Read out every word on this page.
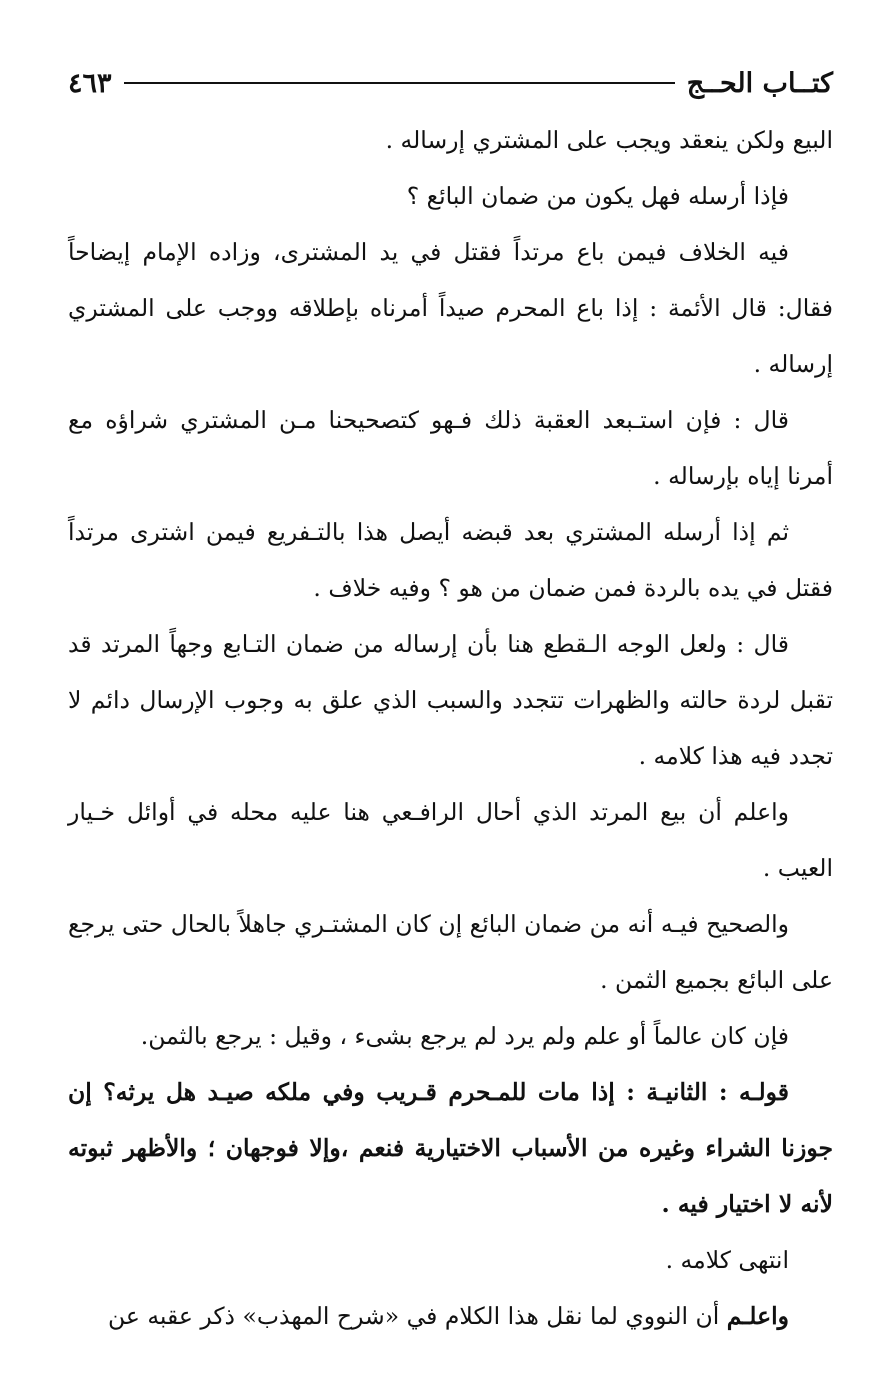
كتــاب الحــج
٤٦٣

البيع ولكن ينعقد ويجب على المشتري إرساله .

فإذا أرسله فهل يكون من ضمان البائع ؟

فيه الخلاف فيمن باع مرتداً فقتل في يد المشترى، وزاده الإمام إيضاحاً فقال: قال الأئمة : إذا باع المحرم صيداً أمرناه بإطلاقه ووجب على المشتري إرساله .

قال : فإن استـبعد العقبة ذلك فـهو كتصحيحنا مـن المشتري شراؤه مع أمرنا إياه بإرساله .

ثم إذا أرسله المشتري بعد قبضه أيصل هذا بالتـفريع فيمن اشترى مرتداً فقتل في يده بالردة فمن ضمان من هو ؟ وفيه خلاف .

قال : ولعل الوجه الـقطع هنا بأن إرساله من ضمان التـابع وجهاً المرتد قد تقبل لردة حالته والظهرات تتجدد والسبب الذي علق به وجوب الإرسال دائم لا تجدد فيه هذا كلامه .

واعلم أن بيع المرتد الذي أحال الرافـعي هنا عليه محله في أوائل خـيار العيب .

والصحيح فيـه أنه من ضمان البائع إن كان المشتـري جاهلاً بالحال حتى يرجع على البائع بجميع الثمن .

فإن كان عالماً أو علم ولم يرد لم يرجع بشىء ، وقيل : يرجع بالثمن.

قولـه : الثانيـة : إذا مات للمـحرم قـريب وفي ملكه صيـد هل يرثه؟ إن جوزنا الشراء وغيره من الأسباب الاختيارية فنعم ،وإلا فوجهان ؛ والأظهر ثبوته لأنه لا اختيار فيه .

انتهى كلامه .

واعلـم أن النووي لما نقل هذا الكلام في «شرح المهذب» ذكر عقبه عن
